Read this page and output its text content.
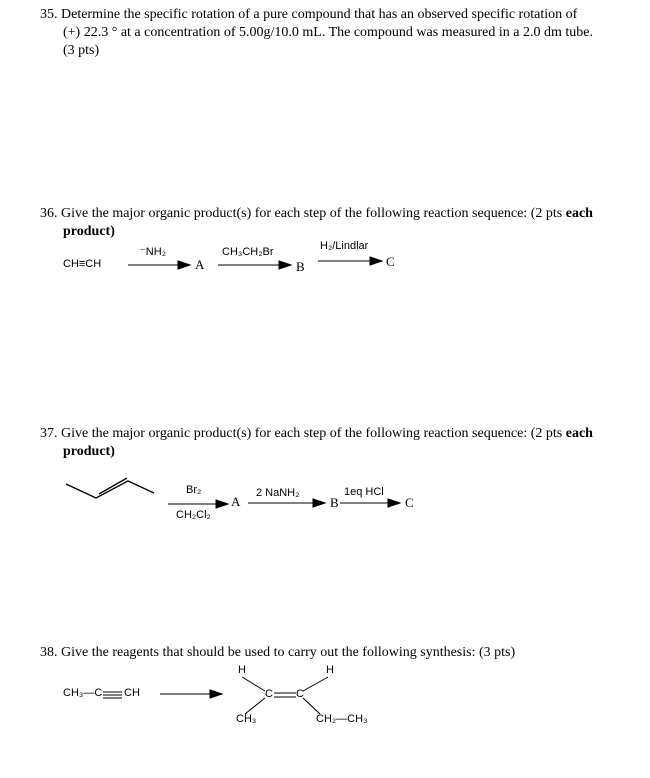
35. Determine the specific rotation of a pure compound that has an observed specific rotation of
(+) 22.3 ° at a concentration of 5.00g/10.0 mL. The compound was measured in a 2.0 dm tube.
(3 pts)
36. Give the major organic product(s) for each step of the following reaction sequence: (2 pts each
product)
CH≡CH
⁻NH₂
A
CH₃CH₂Br
B
H₂/Lindlar
C
37. Give the major organic product(s) for each step of the following reaction sequence: (2 pts each
product)
Br₂
CH₂Cl₂
A
2 NaNH₂
B
1eq HCl
C
38. Give the reagents that should be used to carry out the following synthesis: (3 pts)
CH₃—C CH
H	H
C C
CH₃	CH₂—CH₃
